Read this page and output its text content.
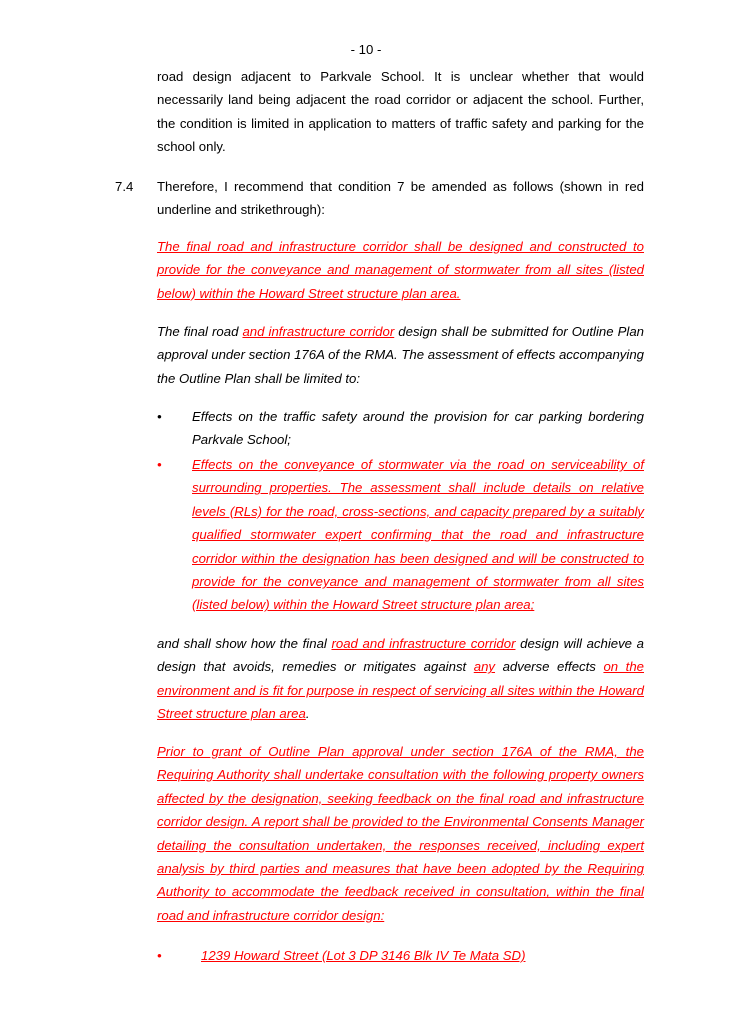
- 10 -
road design adjacent to Parkvale School. It is unclear whether that would necessarily land being adjacent the road corridor or adjacent the school. Further, the condition is limited in application to matters of traffic safety and parking for the school only.
7.4 Therefore, I recommend that condition 7 be amended as follows (shown in red underline and strikethrough):
The final road and infrastructure corridor shall be designed and constructed to provide for the conveyance and management of stormwater from all sites (listed below) within the Howard Street structure plan area.
The final road and infrastructure corridor design shall be submitted for Outline Plan approval under section 176A of the RMA. The assessment of effects accompanying the Outline Plan shall be limited to:
•	Effects on the traffic safety around the provision for car parking bordering Parkvale School;
•	Effects on the conveyance of stormwater via the road on serviceability of surrounding properties. The assessment shall include details on relative levels (RLs) for the road, cross-sections, and capacity prepared by a suitably qualified stormwater expert confirming that the road and infrastructure corridor within the designation has been designed and will be constructed to provide for the conveyance and management of stormwater from all sites (listed below) within the Howard Street structure plan area;
and shall show how the final road and infrastructure corridor design will achieve a design that avoids, remedies or mitigates against any adverse effects on the environment and is fit for purpose in respect of servicing all sites within the Howard Street structure plan area.
Prior to grant of Outline Plan approval under section 176A of the RMA, the Requiring Authority shall undertake consultation with the following property owners affected by the designation, seeking feedback on the final road and infrastructure corridor design. A report shall be provided to the Environmental Consents Manager detailing the consultation undertaken, the responses received, including expert analysis by third parties and measures that have been adopted by the Requiring Authority to accommodate the feedback received in consultation, within the final road and infrastructure corridor design:
•	1239 Howard Street (Lot 3 DP 3146 Blk IV Te Mata SD)
